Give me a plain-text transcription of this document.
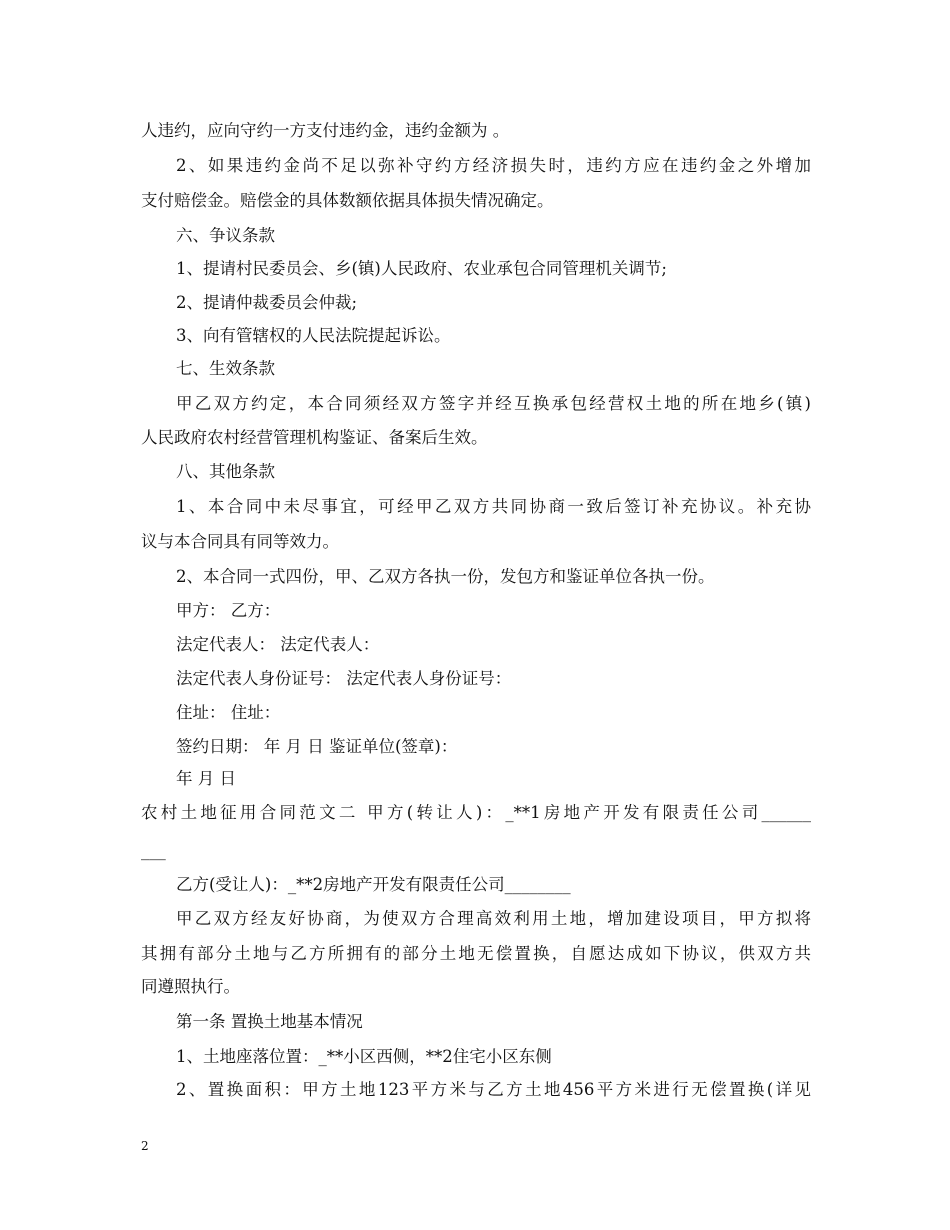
人违约，应向守约一方支付违约金，违约金额为 。
2、如果违约金尚不足以弥补守约方经济损失时，违约方应在违约金之外增加
支付赔偿金。赔偿金的具体数额依据具体损失情况确定。
六、争议条款
1、提请村民委员会、乡(镇)人民政府、农业承包合同管理机关调节;
2、提请仲裁委员会仲裁;
3、向有管辖权的人民法院提起诉讼。
七、生效条款
甲乙双方约定，本合同须经双方签字并经互换承包经营权土地的所在地乡(镇)
人民政府农村经营管理机构鉴证、备案后生效。
八、其他条款
1、本合同中未尽事宜，可经甲乙双方共同协商一致后签订补充协议。补充协
议与本合同具有同等效力。
2、本合同一式四份，甲、乙双方各执一份，发包方和鉴证单位各执一份。
甲方： 乙方：
法定代表人： 法定代表人：
法定代表人身份证号： 法定代表人身份证号：
住址： 住址：
签约日期： 年 月 日 鉴证单位(签章)：
年 月 日
农村土地征用合同范文二 甲方(转让人)：_**1房地产开发有限责任公司______
___
乙方(受让人)：_**2房地产开发有限责任公司________
甲乙双方经友好协商，为使双方合理高效利用土地，增加建设项目，甲方拟将
其拥有部分土地与乙方所拥有的部分土地无偿置换，自愿达成如下协议，供双方共
同遵照执行。
第一条 置换土地基本情况
1、土地座落位置：_**小区西侧，**2住宅小区东侧
2、置换面积：甲方土地123平方米与乙方土地456平方米进行无偿置换(详见
2
